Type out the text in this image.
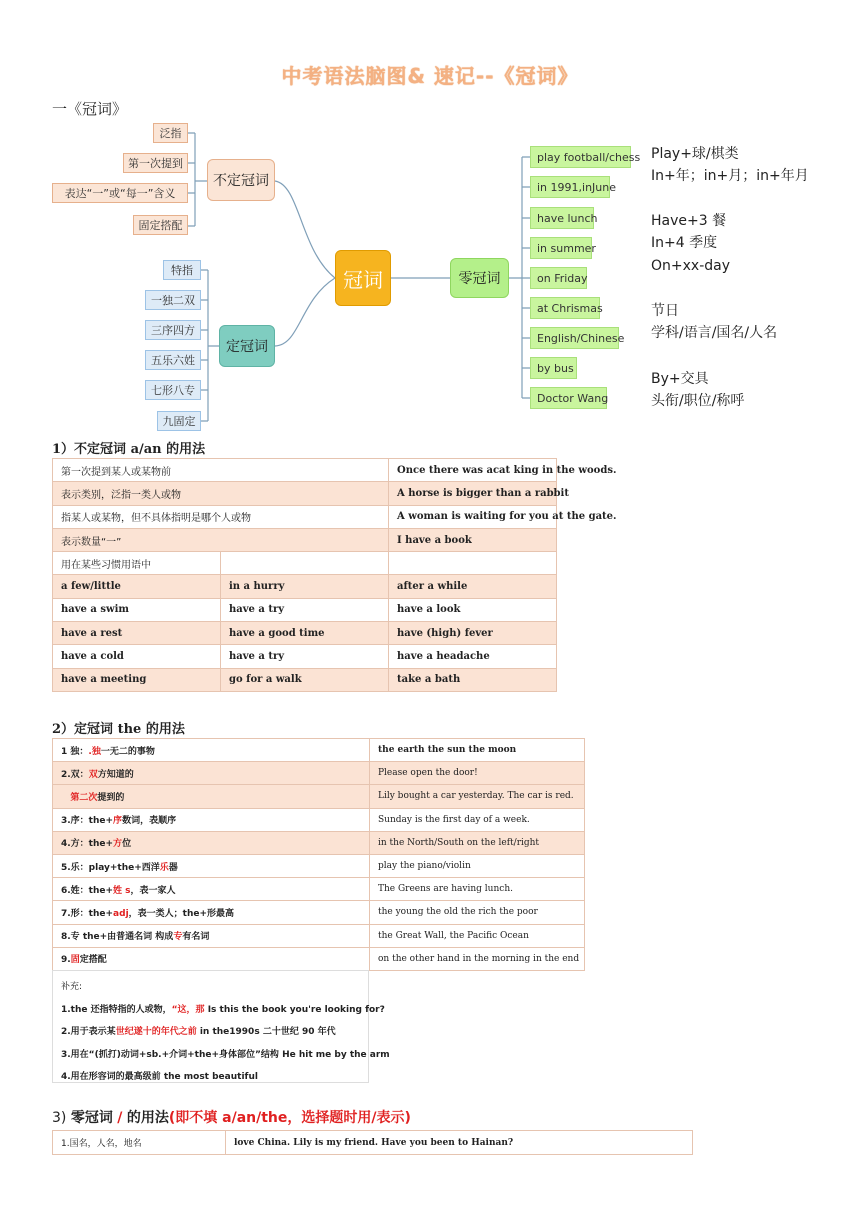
中考语法脑图& 速记--《冠词》
一《冠词》
冠词
不定冠词
泛指
第一次提到
表达“一”或“每一”含义
固定搭配
定冠词
特指
一独二双
三序四方
五乐六姓
七形八专
九固定
零冠词
play football/chess
in 1991,inJune
have lunch
in summer
on Friday
at Chrismas
English/Chinese
by bus
Doctor Wang
Play+球/棋类
In+年；in+月；in+年月
Have+3 餐
In+4 季度
On+xx-day
节日
学科/语言/国名/人名
By+交具
头衔/职位/称呼
1）不定冠词 a/an 的用法
第一次提到某人或某物前		Once there was acat king in the woods.
表示类别，泛指一类人或物		A horse is bigger than a rabbit
指某人或某物，但不具体指明是哪个人或物		A woman is waiting for you at the gate.
表示数量“一”		I have a book
用在某些习惯用语中		
a few/little	in a hurry	after a while
have a swim	have a try	have a look
have a rest	have a good time	have (high) fever
have a cold	have a try	have a headache
have a meeting	go for a walk	take a bath
2）定冠词 the 的用法
1 独：.独一无二的事物	the earth the sun the moon
2.双：双方知道的	Please open the door!
第二次提到的	Lily bought a car yesterday. The car is red.
3.序：the+序数词，表顺序	Sunday is the first day of a week.
4.方：the+方位	in the North/South on the left/right
5.乐：play+the+西洋乐器	play the piano/violin
6.姓：the+姓 s，表一家人	The Greens are having lunch.
7.形：the+adj，表一类人；the+形最高	the young the old the rich the poor
8.专 the+由普通名词 构成专有名词	the Great Wall, the Pacific Ocean
9.固定搭配	on the other hand in the morning in the end
补充:
1.the 还指特指的人或物，“这，那 Is this the book you're looking for?
2.用于表示某世纪遂十的年代之前 in the1990s 二十世纪 90 年代
3.用在“(抓打)动词+sb.+介词+the+身体部位”结构 He hit me by the arm
4.用在形容词的最高级前 the most beautiful
3) 零冠词 / 的用法(即不填 a/an/the，选择题时用/表示)
1.国名，人名，地名	love China. Lily is my friend. Have you been to Hainan?
